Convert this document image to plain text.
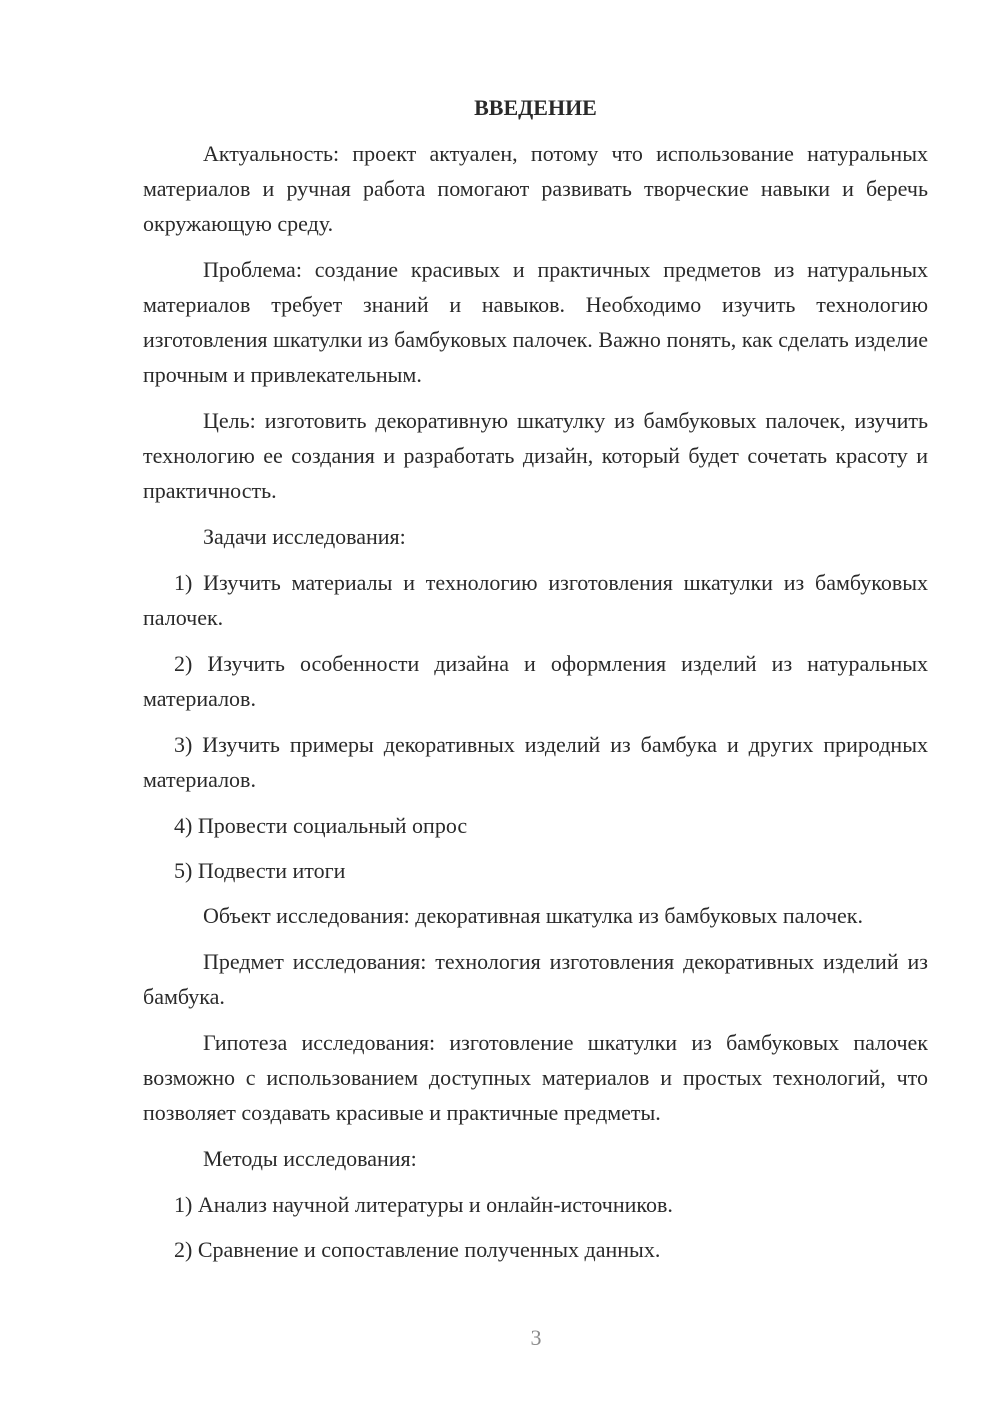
ВВЕДЕНИЕ

Актуальность: проект актуален, потому что использование натуральных материалов и ручная работа помогают развивать творческие навыки и беречь окружающую среду.

Проблема: создание красивых и практичных предметов из натуральных материалов требует знаний и навыков. Необходимо изучить технологию изготовления шкатулки из бамбуковых палочек. Важно понять, как сделать изделие прочным и привлекательным.

Цель: изготовить декоративную шкатулку из бамбуковых палочек, изучить технологию ее создания и разработать дизайн, который будет сочетать красоту и практичность.

Задачи исследования:

1) Изучить материалы и технологию изготовления шкатулки из бамбуковых палочек.

2) Изучить особенности дизайна и оформления изделий из натуральных материалов.

3) Изучить примеры декоративных изделий из бамбука и других природных материалов.

4) Провести социальный опрос

5) Подвести итоги

Объект исследования: декоративная шкатулка из бамбуковых палочек.

Предмет исследования: технология изготовления декоративных изделий из бамбука.

Гипотеза исследования: изготовление шкатулки из бамбуковых палочек возможно с использованием доступных материалов и простых технологий, что позволяет создавать красивые и практичные предметы.

Методы исследования:

1) Анализ научной литературы и онлайн-источников.

2) Сравнение и сопоставление полученных данных.

3
